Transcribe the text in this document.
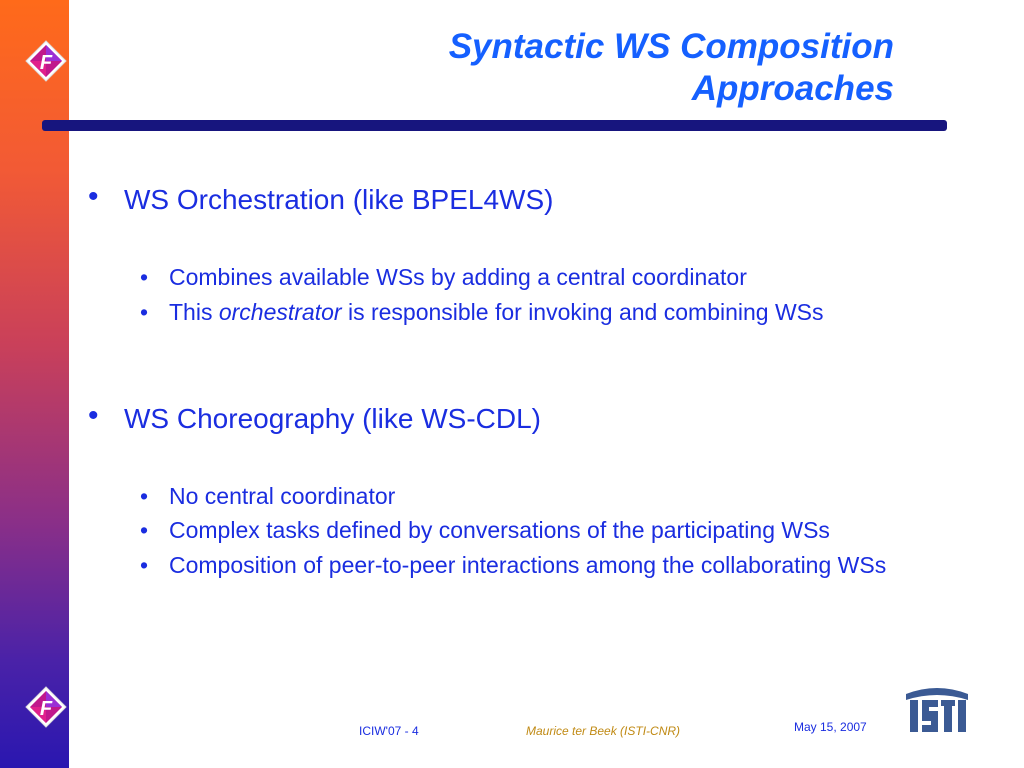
F
F
Syntactic WS Composition
Approaches
• WS Orchestration (like BPEL4WS)
• Combines available WSs by adding a central coordinator
• This orchestrator is responsible for invoking and combining WSs
• WS Choreography (like WS-CDL)
• No central coordinator
• Complex tasks defined by conversations of the participating WSs
• Composition of peer-to-peer interactions among the collaborating WSs
ICIW'07 - 4	Maurice ter Beek (ISTI-CNR)	May 15, 2007
